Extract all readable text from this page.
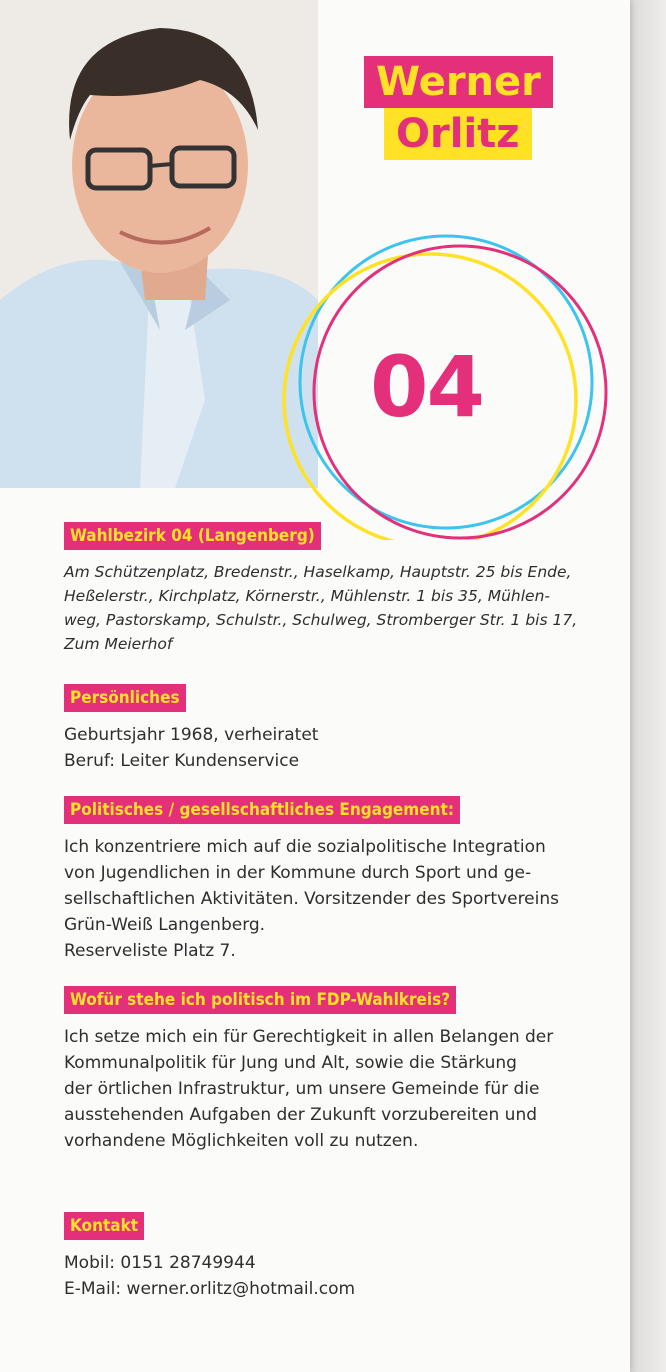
Werner
Orlitz
04
Wahlbezirk 04 (Langenberg)
Am Schützenplatz, Bredenstr., Haselkamp, Hauptstr. 25 bis Ende,
Heßelerstr., Kirchplatz, Körnerstr., Mühlenstr. 1 bis 35, Mühlen-
weg, Pastorskamp, Schulstr., Schulweg, Stromberger Str. 1 bis 17,
Zum Meierhof
Persönliches
Geburtsjahr 1968, verheiratet
Beruf: Leiter Kundenservice
Politisches / gesellschaftliches Engagement:
Ich konzentriere mich auf die sozialpolitische Integration
von Jugendlichen in der Kommune durch Sport und ge-
sellschaftlichen Aktivitäten. Vorsitzender des Sportvereins
Grün-Weiß Langenberg.
Reserveliste Platz 7.
Wofür stehe ich politisch im FDP-Wahlkreis?
Ich setze mich ein für Gerechtigkeit in allen Belangen der
Kommunalpolitik für Jung und Alt, sowie die Stärkung
der örtlichen Infrastruktur, um unsere Gemeinde für die
ausstehenden Aufgaben der Zukunft vorzubereiten und
vorhandene Möglichkeiten voll zu nutzen.
Kontakt
Mobil: 0151 28749944
E-Mail: werner.orlitz@hotmail.com
